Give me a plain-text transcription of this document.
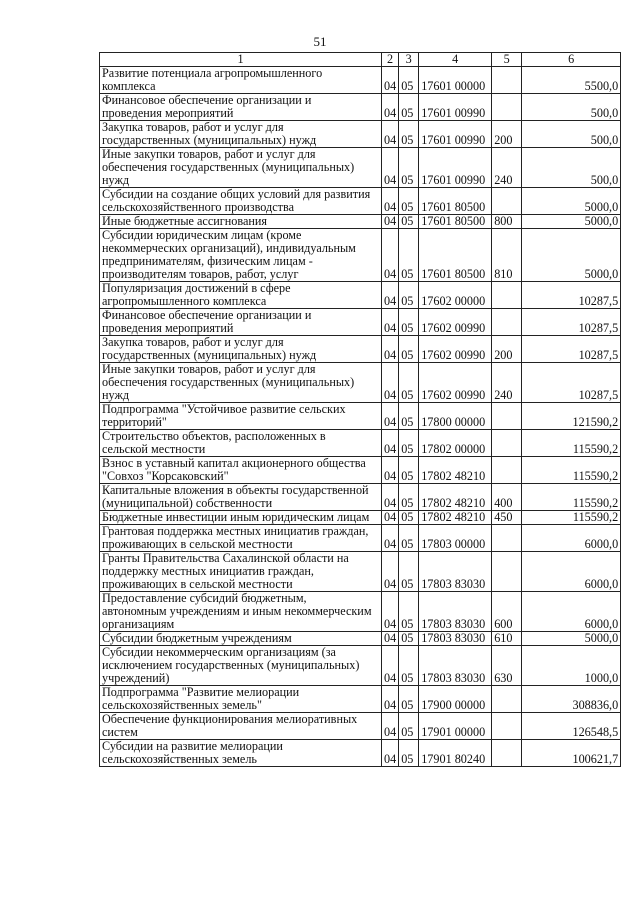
51
1	2	3	4	5	6
Развитие потенциала агропромышленного
комплекса	04	05	17601 00000		5500,0
Финансовое обеспечение организации и
проведения мероприятий	04	05	17601 00990		500,0
Закупка товаров, работ и услуг для
государственных (муниципальных) нужд	04	05	17601 00990	200	500,0
Иные закупки товаров, работ и услуг для
обеспечения государственных (муниципальных)
нужд	04	05	17601 00990	240	500,0
Субсидии на создание общих условий для развития
сельскохозяйственного производства	04	05	17601 80500		5000,0
Иные бюджетные ассигнования	04	05	17601 80500	800	5000,0
Субсидии юридическим лицам (кроме
некоммерческих организаций), индивидуальным
предпринимателям, физическим лицам -
производителям товаров, работ, услуг	04	05	17601 80500	810	5000,0
Популяризация достижений в сфере
агропромышленного комплекса	04	05	17602 00000		10287,5
Финансовое обеспечение организации и
проведения мероприятий	04	05	17602 00990		10287,5
Закупка товаров, работ и услуг для
государственных (муниципальных) нужд	04	05	17602 00990	200	10287,5
Иные закупки товаров, работ и услуг для
обеспечения государственных (муниципальных)
нужд	04	05	17602 00990	240	10287,5
Подпрограмма "Устойчивое развитие сельских
территорий"	04	05	17800 00000		121590,2
Строительство объектов, расположенных в
сельской местности	04	05	17802 00000		115590,2
Взнос в уставный капитал акционерного общества
"Совхоз "Корсаковский"	04	05	17802 48210		115590,2
Капитальные вложения в объекты государственной
(муниципальной) собственности	04	05	17802 48210	400	115590,2
Бюджетные инвестиции иным юридическим лицам	04	05	17802 48210	450	115590,2
Грантовая поддержка местных инициатив граждан,
проживающих в сельской местности	04	05	17803 00000		6000,0
Гранты Правительства Сахалинской области на
поддержку местных инициатив граждан,
проживающих в сельской местности	04	05	17803 83030		6000,0
Предоставление субсидий бюджетным,
автономным учреждениям и иным некоммерческим
организациям	04	05	17803 83030	600	6000,0
Субсидии бюджетным учреждениям	04	05	17803 83030	610	5000,0
Субсидии некоммерческим организациям (за
исключением государственных (муниципальных)
учреждений)	04	05	17803 83030	630	1000,0
Подпрограмма "Развитие мелиорации
сельскохозяйственных земель"	04	05	17900 00000		308836,0
Обеспечение функционирования мелиоративных
систем	04	05	17901 00000		126548,5
Субсидии на развитие мелиорации
сельскохозяйственных земель	04	05	17901 80240		100621,7
